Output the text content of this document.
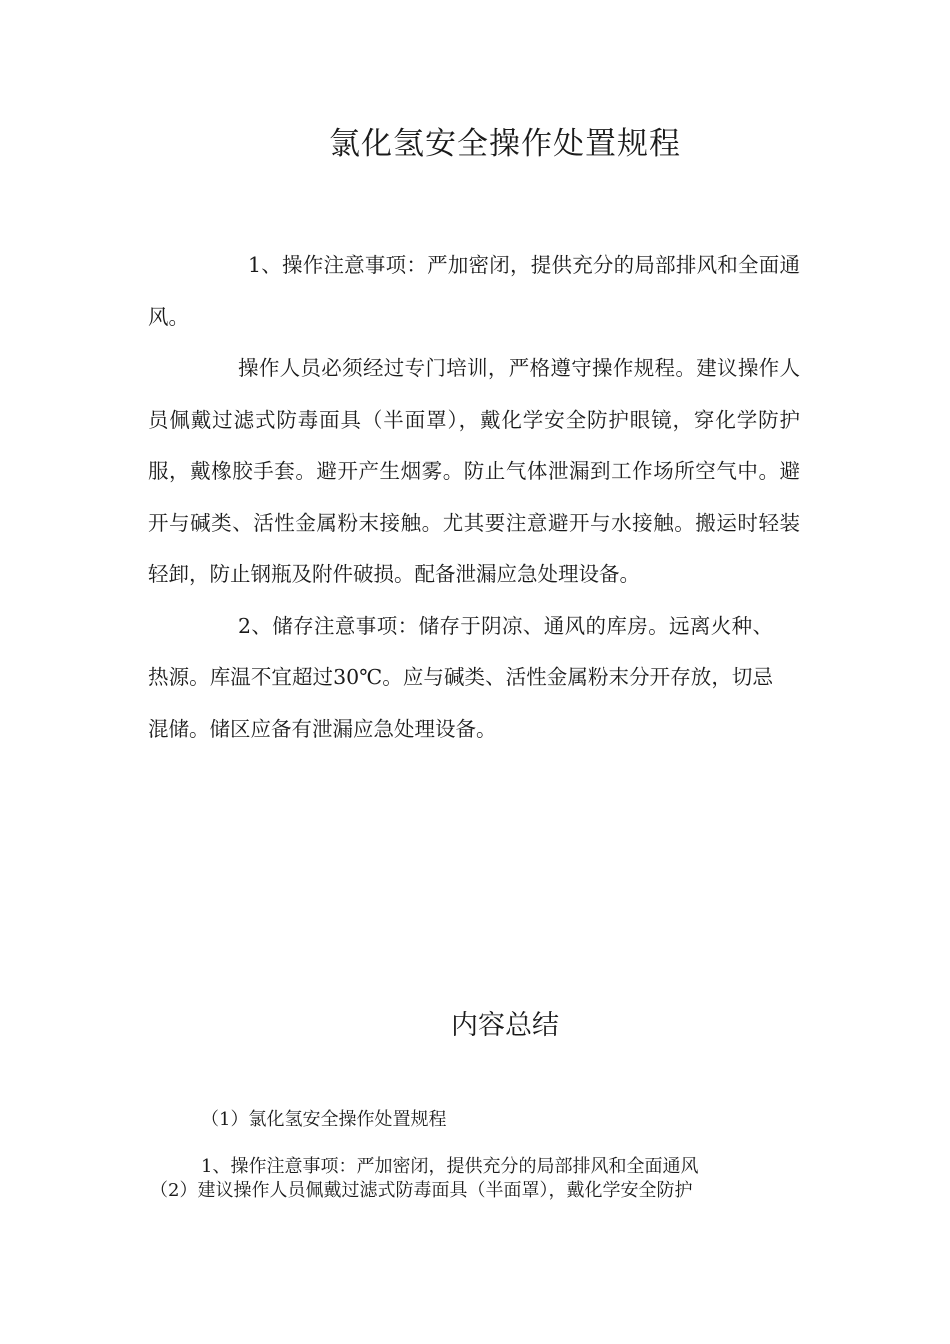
氯化氢安全操作处置规程

1、操作注意事项：严加密闭，提供充分的局部排风和全面通风。

操作人员必须经过专门培训，严格遵守操作规程。建议操作人员佩戴过滤式防毒面具（半面罩），戴化学安全防护眼镜，穿化学防护服，戴橡胶手套。避开产生烟雾。防止气体泄漏到工作场所空气中。避开与碱类、活性金属粉末接触。尤其要注意避开与水接触。搬运时轻装轻卸，防止钢瓶及附件破损。配备泄漏应急处理设备。

2、储存注意事项：储存于阴凉、通风的库房。远离火种、热源。库温不宜超过30℃。应与碱类、活性金属粉末分开存放，切忌混储。储区应备有泄漏应急处理设备。

内容总结
（1）氯化氢安全操作处置规程
1、操作注意事项：严加密闭，提供充分的局部排风和全面通风
（2）建议操作人员佩戴过滤式防毒面具（半面罩），戴化学安全防护
